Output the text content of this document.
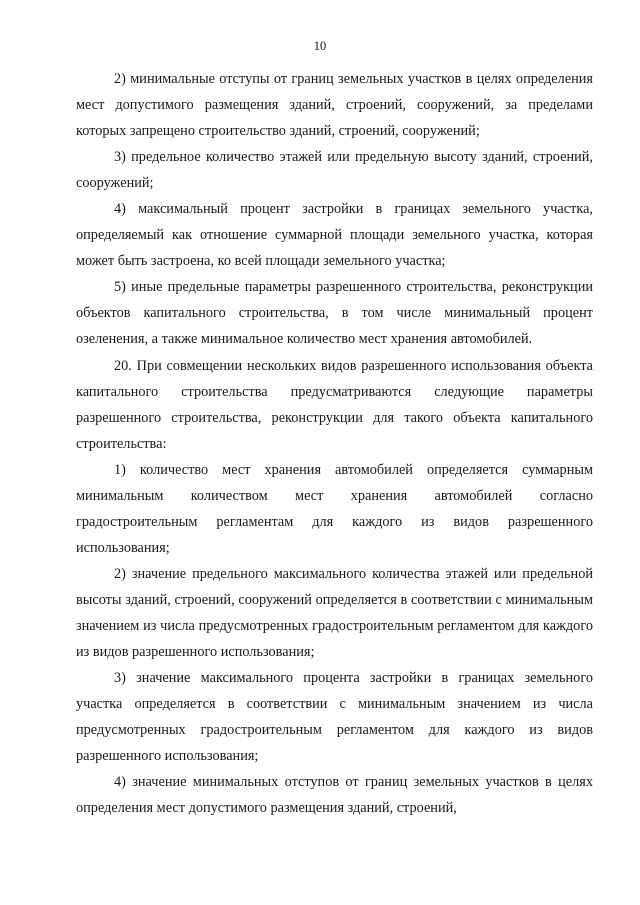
10

2) минимальные отступы от границ земельных участков в целях определения мест допустимого размещения зданий, строений, сооружений, за пределами которых запрещено строительство зданий, строений, сооружений;

3) предельное количество этажей или предельную высоту зданий, строений, сооружений;

4) максимальный процент застройки в границах земельного участка, определяемый как отношение суммарной площади земельного участка, которая может быть застроена, ко всей площади земельного участка;

5) иные предельные параметры разрешенного строительства, реконструкции объектов капитального строительства, в том числе минимальный процент озеленения, а также минимальное количество мест хранения автомобилей.

20. При совмещении нескольких видов разрешенного использования объекта капитального строительства предусматриваются следующие параметры разрешенного строительства, реконструкции для такого объекта капитального строительства:

1) количество мест хранения автомобилей определяется суммарным минимальным количеством мест хранения автомобилей согласно градостроительным регламентам для каждого из видов разрешенного использования;

2) значение предельного максимального количества этажей или предельной высоты зданий, строений, сооружений определяется в соответствии с минимальным значением из числа предусмотренных градостроительным регламентом для каждого из видов разрешенного использования;

3) значение максимального процента застройки в границах земельного участка определяется в соответствии с минимальным значением из числа предусмотренных градостроительным регламентом для каждого из видов разрешенного использования;

4) значение минимальных отступов от границ земельных участков в целях определения мест допустимого размещения зданий, строений,
